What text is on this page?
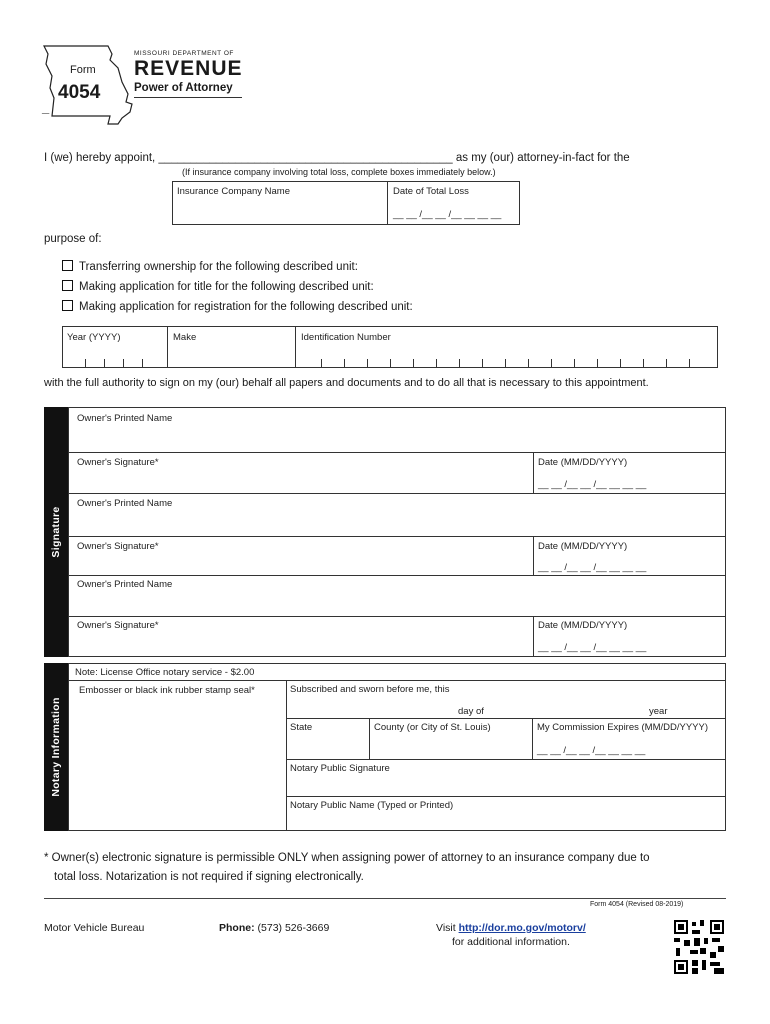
Form
_
4054
MISSOURI DEPARTMENT OF
REVENUE
Power of Attorney
I (we) hereby appoint, ______________________________________________ as my (our) attorney-in-fact for the
(If insurance company involving total loss, complete boxes immediately below.)
Insurance Company Name	Date of Total Loss
__ __ /__ __ /__ __ __ __
purpose of:
Transferring ownership for the following described unit:
Making application for title for the following described unit:
Making application for registration for the following described unit:
Year (YYYY)	Make	Identification Number
with the full authority to sign on my (our) behalf all papers and documents and to do all that is necessary to this appointment.
Signature
Owner's Printed Name
Owner's Signature*	Date (MM/DD/YYYY)
__ __ /__ __ /__ __ __ __
Owner's Printed Name
Owner's Signature*	Date (MM/DD/YYYY)
__ __ /__ __ /__ __ __ __
Owner's Printed Name
Owner's Signature*	Date (MM/DD/YYYY)
__ __ /__ __ /__ __ __ __
Notary Information
Note: License Office notary service - $2.00
Embosser or black ink rubber stamp seal*	Subscribed and sworn before me, this
day of	year
State	County (or City of St. Louis)	My Commission Expires (MM/DD/YYYY)
__ __ /__ __ /__ __ __ __
Notary Public Signature
Notary Public Name (Typed or Printed)
* Owner(s) electronic signature is permissible ONLY when assigning power of attorney to an insurance company due to
total loss. Notarization is not required if signing electronically.
Form 4054 (Revised 08-2019)
Motor Vehicle Bureau	Phone: (573) 526-3669	Visit http://dor.mo.gov/motorv/
for additional information.
